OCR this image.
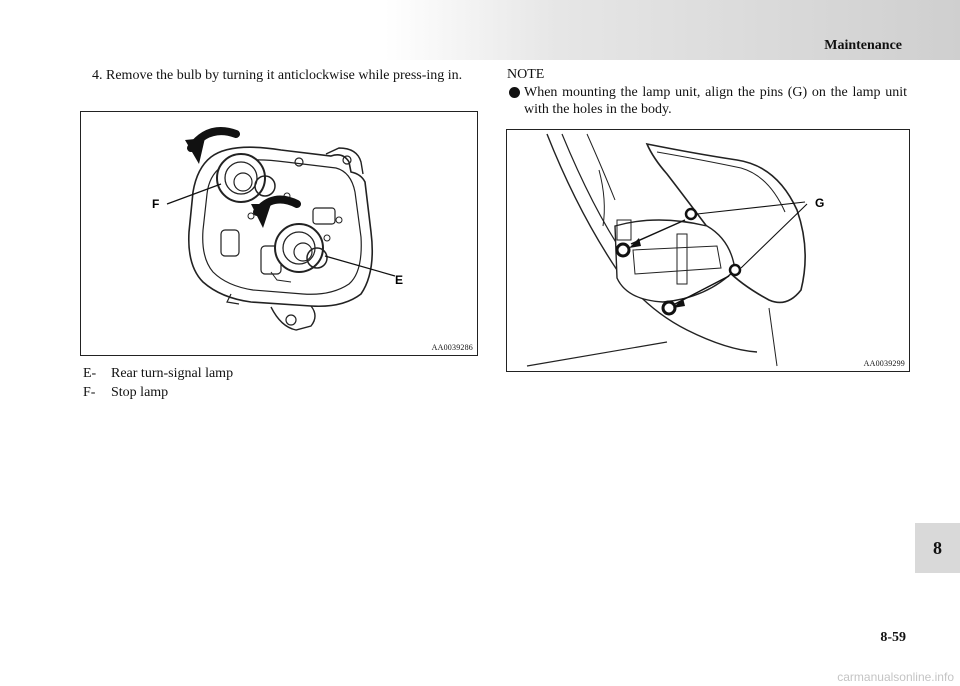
Maintenance
4. Remove the bulb by turning it anticlockwise while press-ing in.
F
E
AA0039286
E- Rear turn-signal lamp
F- Stop lamp
NOTE
When mounting the lamp unit, align the pins (G) on the lamp unit with the holes in the body.
G
AA0039299
8
8-59
carmanualsonline.info
